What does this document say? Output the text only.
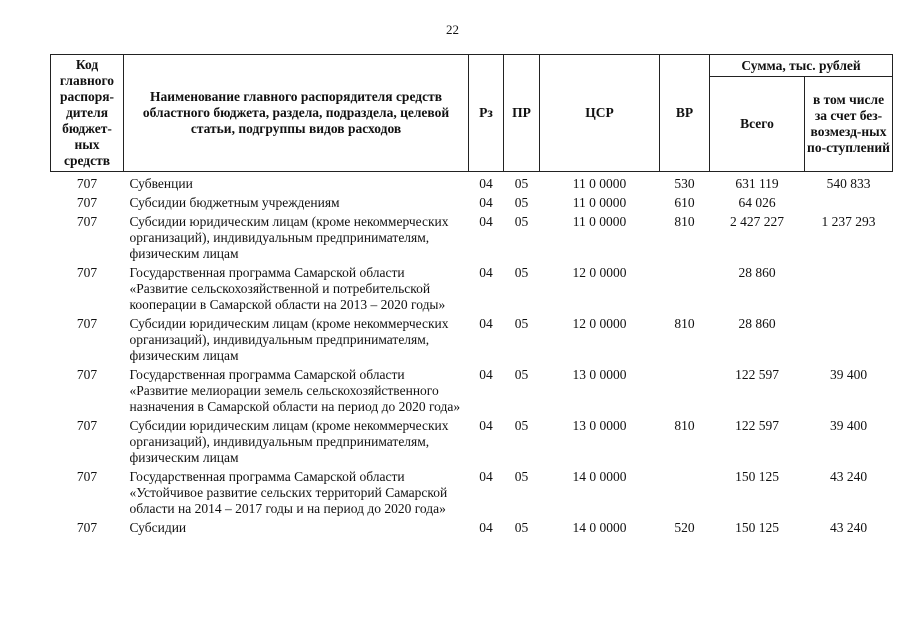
22
Код главного распоря-дителя бюджет-ных средств	Наименование главного распорядителя средств областного бюджета, раздела, подраздела, целевой статьи, подгруппы видов расходов	Рз	ПР	ЦСР	ВР	Сумма, тыс. рублей	
						Всего	в том числе за счет без-возмезд-ных по-ступлений
707	Субвенции	04	05	11 0 0000	530	631 119	540 833
707	Субсидии бюджетным учреждениям	04	05	11 0 0000	610	64 026	
707	Субсидии юридическим лицам (кроме некоммерческих организаций), индивидуальным предпринимателям, физическим лицам	04	05	11 0 0000	810	2 427 227	1 237 293
707	Государственная программа Самарской области «Развитие сельскохозяйственной и потребительской кооперации в Самарской области на 2013 – 2020 годы»	04	05	12 0 0000		28 860	
707	Субсидии юридическим лицам (кроме некоммерческих организаций), индивидуальным предпринимателям, физическим лицам	04	05	12 0 0000	810	28 860	
707	Государственная программа Самарской области «Развитие мелиорации земель сельскохозяйственного назначения в Самарской области на период до 2020 года»	04	05	13 0 0000		122 597	39 400
707	Субсидии юридическим лицам (кроме некоммерческих организаций), индивидуальным предпринимателям, физическим лицам	04	05	13 0 0000	810	122 597	39 400
707	Государственная программа Самарской области «Устойчивое развитие сельских территорий Самарской области на 2014 – 2017 годы и на период до 2020 года»	04	05	14 0 0000		150 125	43 240
707	Субсидии	04	05	14 0 0000	520	150 125	43 240
